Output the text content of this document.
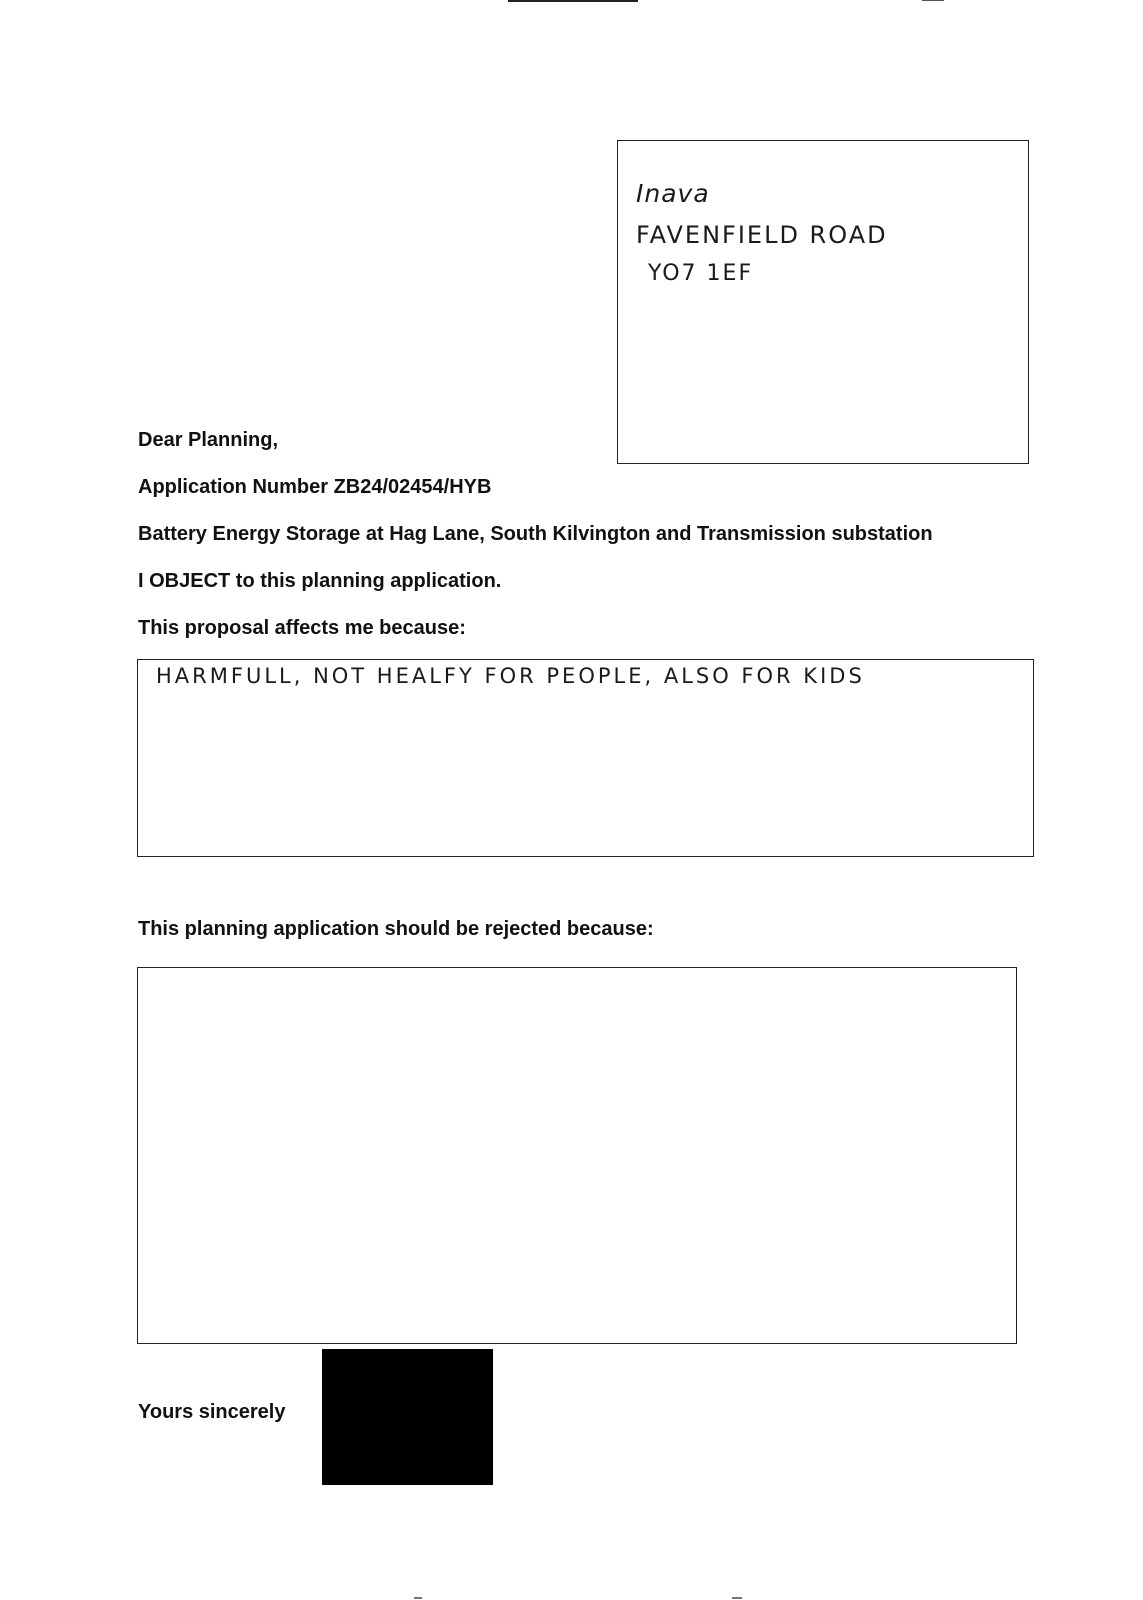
Inava
FAVENFIELD ROAD
YO7 1EF
Dear Planning,
Application Number ZB24/02454/HYB
Battery Energy Storage at Hag Lane, South Kilvington and Transmission substation
I OBJECT to this planning application.
This proposal affects me because:
HARMFULL, NOT HEALFY FOR PEOPLE, ALSO FOR KIDS
This planning application should be rejected because:
Yours sincerely
